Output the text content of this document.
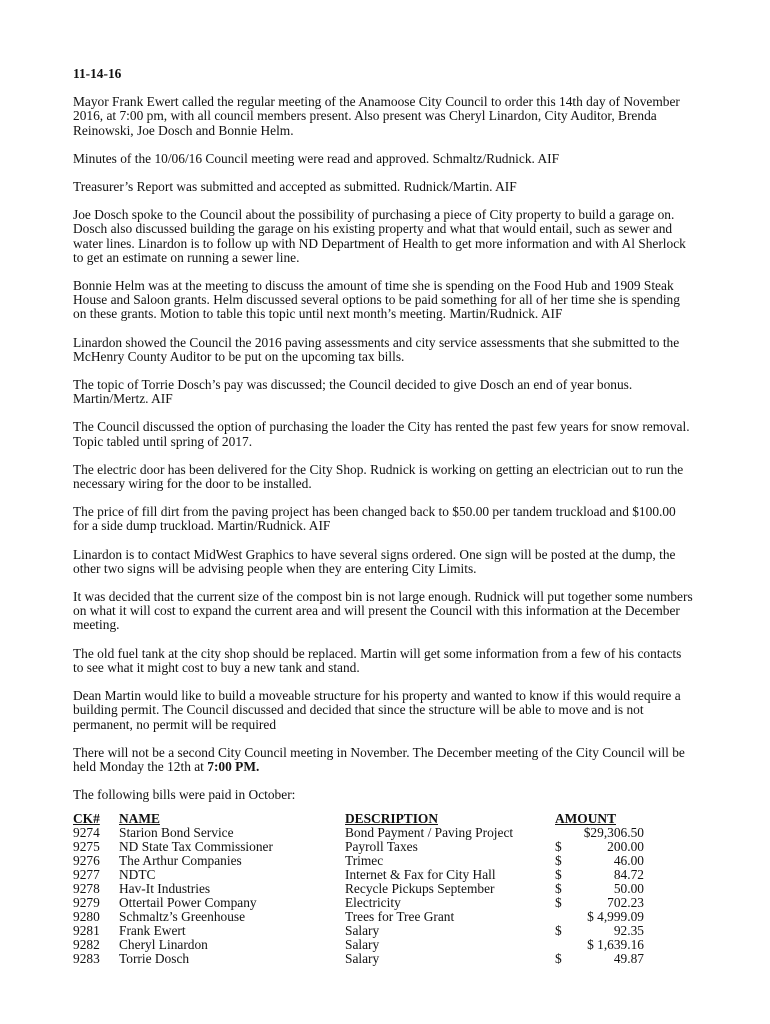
11-14-16
Mayor Frank Ewert called the regular meeting of the Anamoose City Council to order this 14th day of November 2016, at 7:00 pm, with all council members present. Also present was Cheryl Linardon, City Auditor, Brenda Reinowski, Joe Dosch and Bonnie Helm.
Minutes of the 10/06/16 Council meeting were read and approved. Schmaltz/Rudnick. AIF
Treasurer’s Report was submitted and accepted as submitted. Rudnick/Martin. AIF
Joe Dosch spoke to the Council about the possibility of purchasing a piece of City property to build a garage on. Dosch also discussed building the garage on his existing property and what that would entail, such as sewer and water lines. Linardon is to follow up with ND Department of Health to get more information and with Al Sherlock to get an estimate on running a sewer line.
Bonnie Helm was at the meeting to discuss the amount of time she is spending on the Food Hub and 1909 Steak House and Saloon grants. Helm discussed several options to be paid something for all of her time she is spending on these grants. Motion to table this topic until next month’s meeting. Martin/Rudnick. AIF
Linardon showed the Council the 2016 paving assessments and city service assessments that she submitted to the McHenry County Auditor to be put on the upcoming tax bills.
The topic of Torrie Dosch’s pay was discussed; the Council decided to give Dosch an end of year bonus. Martin/Mertz. AIF
The Council discussed the option of purchasing the loader the City has rented the past few years for snow removal. Topic tabled until spring of 2017.
The electric door has been delivered for the City Shop. Rudnick is working on getting an electrician out to run the necessary wiring for the door to be installed.
The price of fill dirt from the paving project has been changed back to $50.00 per tandem truckload and $100.00 for a side dump truckload. Martin/Rudnick. AIF
Linardon is to contact MidWest Graphics to have several signs ordered. One sign will be posted at the dump, the other two signs will be advising people when they are entering City Limits.
It was decided that the current size of the compost bin is not large enough. Rudnick will put together some numbers on what it will cost to expand the current area and will present the Council with this information at the December meeting.
The old fuel tank at the city shop should be replaced. Martin will get some information from a few of his contacts to see what it might cost to buy a new tank and stand.
Dean Martin would like to build a moveable structure for his property and wanted to know if this would require a building permit. The Council discussed and decided that since the structure will be able to move and is not permanent, no permit will be required
There will not be a second City Council meeting in November. The December meeting of the City Council will be held Monday the 12th at 7:00 PM.
The following bills were paid in October:
CK#	NAME	DESCRIPTION	AMOUNT
9274	Starion Bond Service	Bond Payment / Paving Project	$29,306.50

9275	ND State Tax Commissioner	Payroll Taxes	$ 200.00

9276	The Arthur Companies	Trimec	$ 46.00

9277	NDTC	Internet & Fax for City Hall	$ 84.72

9278	Hav-It Industries	Recycle Pickups September	$ 50.00

9279	Ottertail Power Company	Electricity	$ 702.23

9280	Schmaltz’s Greenhouse	Trees for Tree Grant	$ 4,999.09

9281	Frank Ewert	Salary	$ 92.35

9282	Cheryl Linardon	Salary	$ 1,639.16

9283	Torrie Dosch	Salary	$ 49.87
